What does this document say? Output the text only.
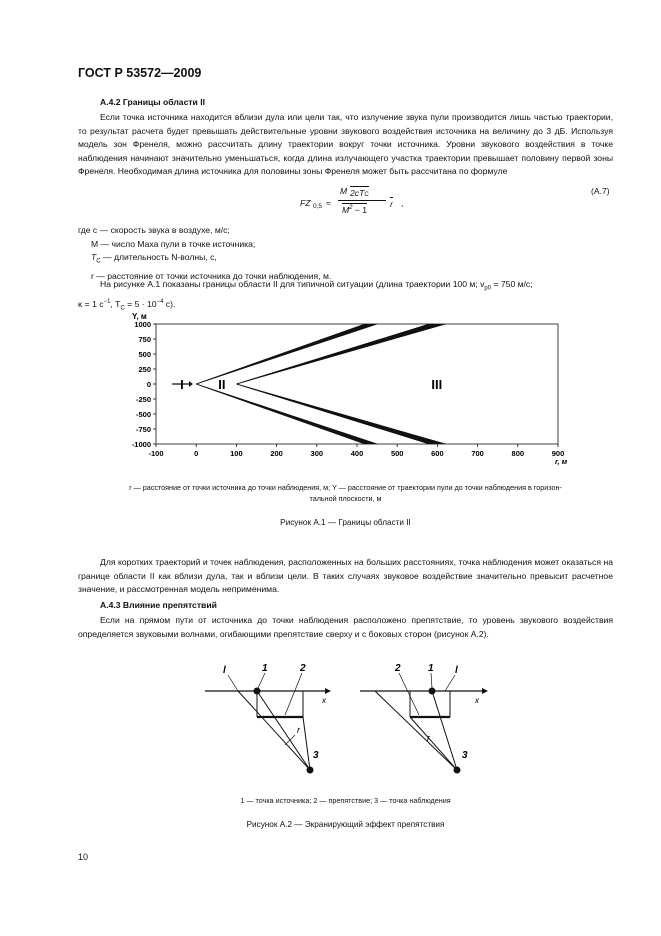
ГОСТ Р 53572—2009
А.4.2 Границы области II

Если точка источника находится вблизи дула или цели так, что излучение звука пули производится лишь частью траектории, то результат расчета будет превышать действительные уровни звукового воздействия источника на величину до 3 дБ. Используя модель зон Френеля, можно рассчитать длину траектории вокруг точки источника. Уровни звукового воздействия в точке наблюдения начинают значительно уменьшаться, когда длина излучающего участка траектории превышает половину первой зоны Френеля. Необходимая длина источника для половины зоны Френеля может быть рассчитана по формуле

FZ 0,5 ≈
M 2cTC
$M^2 - 1$
r ,
(А.7)
где c — скорость звука в воздухе, м/с;
M — число Маха пули в точке источника;
$T_C$ — длительность N-волны, с,
r — расстояние от точки источника до точки наблюдения, м.

На рисунке А.1 показаны границы области II для типичной ситуации (длина траектории 100 м; $v_{p0} = 750$ м/с;

κ = 1 $с^{-1}$, $T_C = 5 \cdot 10^{-4}$ с).
Y, м
-100	0	100	200	300	400	500	600	700	800	900
r, м
1000
750
500
250
0
-250
-500
-750
-1000
I	II	III
r — расстояние от точки источника до точки наблюдения, м; Y — расстояние от траектории пули до точки наблюдения в горизон-
тальной плоскости, м
Рисунок А.1 — Границы области II

Для коротких траекторий и точек наблюдения, расположенных на больших расстояниях, точка наблюдения может оказаться на границе области II как вблизи дула, так и вблизи цели. В таких случаях звуковое воздействие значительно превысит расчетное значение, и рассмотренная модель неприменима.

А.4.3 Влияние препятствий

Если на прямом пути от источника до точки наблюдения расположено препятствие, то уровень звукового воздействия определяется звуковыми волнами, огибающими препятствие сверху и с боковых сторон (рисунок А.2).

x
l	1	2
r
3
x
l
1
2
r
3
1 — точка источника; 2 — препятствие; 3 — точка наблюдения
Рисунок А.2 — Экранирующий эффект препятствия
10
